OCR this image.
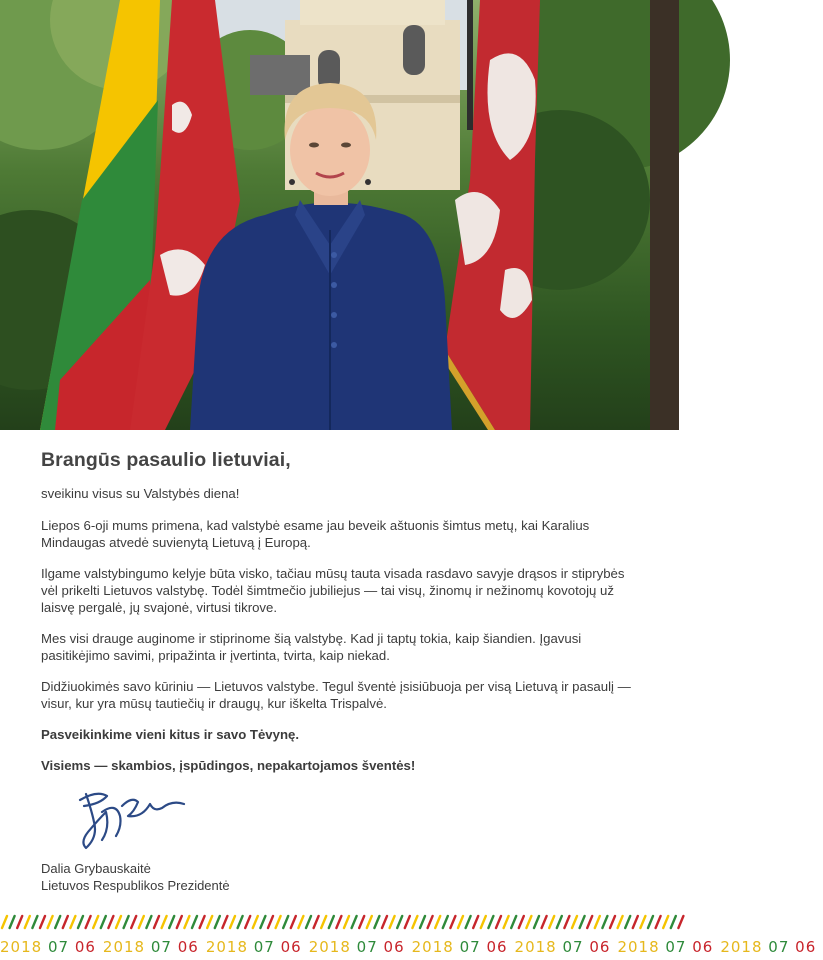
Brangūs pasaulio lietuviai,

sveikinu visus su Valstybės diena!

Liepos 6-oji mums primena, kad valstybė esame jau beveik aštuonis šimtus metų, kai Karalius Mindaugas atvedė suvienytą Lietuvą į Europą.

Ilgame valstybingumo kelyje būta visko, tačiau mūsų tauta visada rasdavo savyje drąsos ir stiprybės vėl prikelti Lietuvos valstybę. Todėl šimtmečio jubiliejus — tai visų, žinomų ir nežinomų kovotojų už laisvę pergalė, jų svajonė, virtusi tikrove.

Mes visi drauge auginome ir stiprinome šią valstybę. Kad ji taptų tokia, kaip šiandien. Įgavusi pasitikėjimo savimi, pripažinta ir įvertinta, tvirta, kaip niekad.

Didžiuokimės savo kūriniu — Lietuvos valstybe. Tegul šventė įsisiūbuoja per visą Lietuvą ir pasaulį — visur, kur yra mūsų tautiečių ir draugų, kur iškelta Trispalvė.

Pasveikinkime vieni kitus ir savo Tėvynę.

Visiems — skambios, įspūdingos, nepakartojamos šventės!

Dalia Grybauskaitė
Lietuvos Respublikos Prezidentė
2018 07 062018 07 062018 07 062018 07 062018 07 062018 07 062018 07 062018 07 06
